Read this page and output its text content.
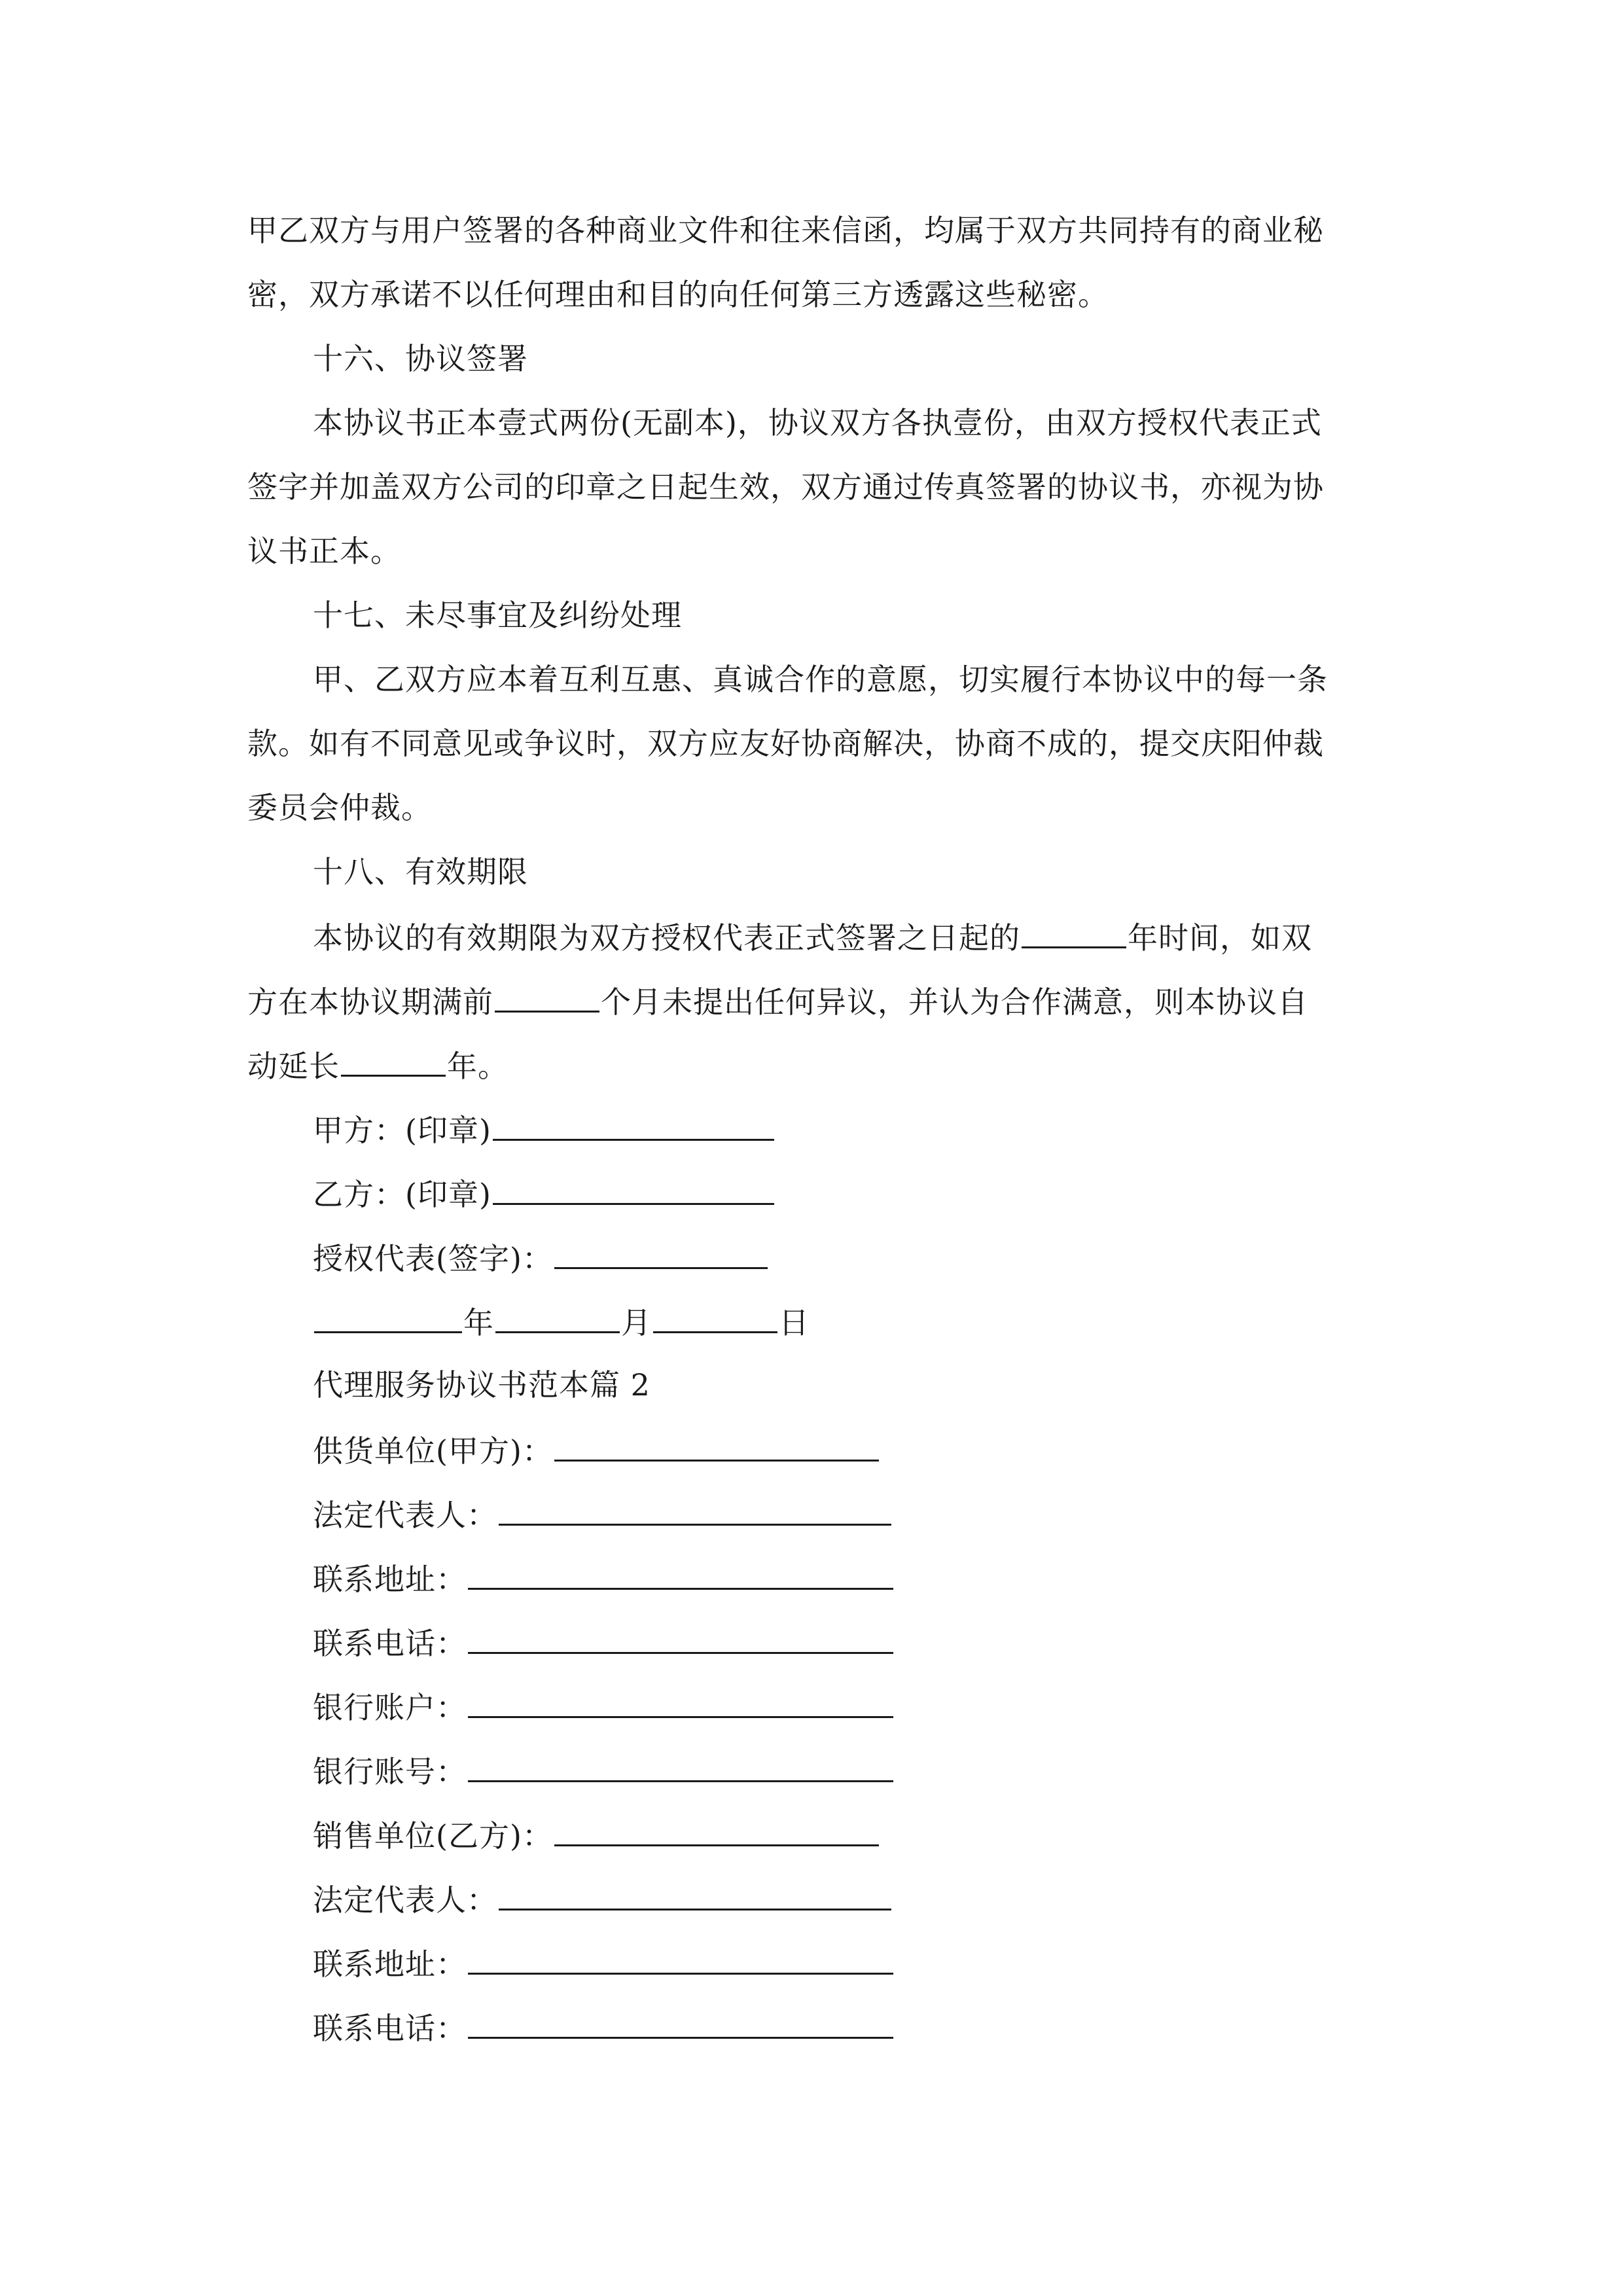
甲乙双方与用户签署的各种商业文件和往来信函，均属于双方共同持有的商业秘
密，双方承诺不以任何理由和目的向任何第三方透露这些秘密。
十六、协议签署
本协议书正本壹式两份(无副本)，协议双方各执壹份，由双方授权代表正式
签字并加盖双方公司的印章之日起生效，双方通过传真签署的协议书，亦视为协
议书正本。
十七、未尽事宜及纠纷处理
甲、乙双方应本着互利互惠、真诚合作的意愿，切实履行本协议中的每一条
款。如有不同意见或争议时，双方应友好协商解决，协商不成的，提交庆阳仲裁
委员会仲裁。
十八、有效期限
本协议的有效期限为双方授权代表正式签署之日起的	年时间，如双
方在本协议期满前	个月未提出任何异议，并认为合作满意，则本协议自
动延长	年。
甲方：(印章)
乙方：(印章)
授权代表(签字)：
年	月	日
代理服务协议书范本篇 2
供货单位(甲方)：
法定代表人：
联系地址：
联系电话：
银行账户：
银行账号：
销售单位(乙方)：
法定代表人：
联系地址：
联系电话：
